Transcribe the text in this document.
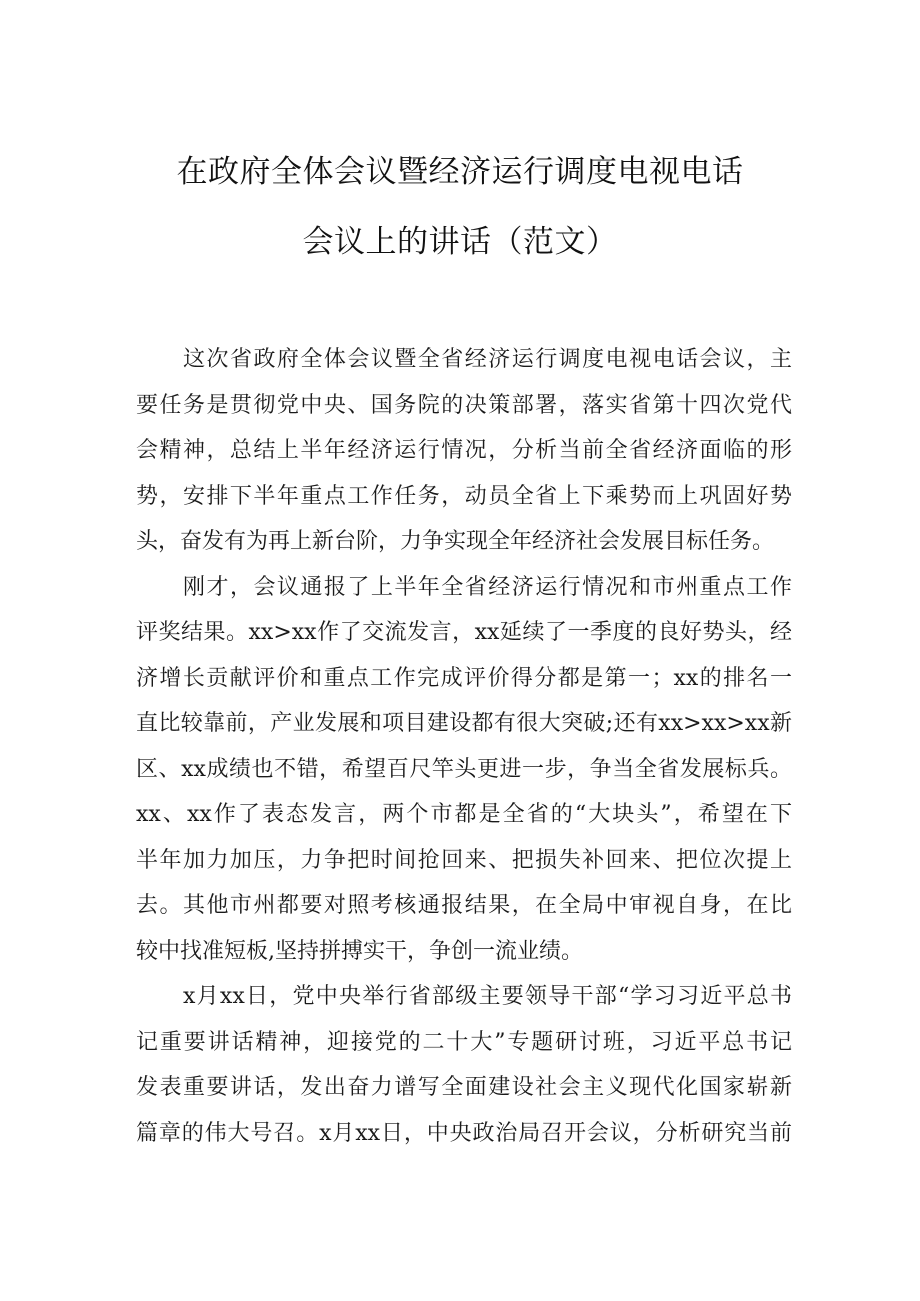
在政府全体会议暨经济运行调度电视电话
会议上的讲话（范文）
这次省政府全体会议暨全省经济运行调度电视电话会议，主
要任务是贯彻党中央、国务院的决策部署，落实省第十四次党代
会精神，总结上半年经济运行情况，分析当前全省经济面临的形
势，安排下半年重点工作任务，动员全省上下乘势而上巩固好势
头，奋发有为再上新台阶，力争实现全年经济社会发展目标任务。
刚才，会议通报了上半年全省经济运行情况和市州重点工作
评奖结果。xx>xx作了交流发言，xx延续了一季度的良好势头，经
济增长贡献评价和重点工作完成评价得分都是第一；xx的排名一
直比较靠前，产业发展和项目建设都有很大突破;还有xx>xx>xx新
区、xx成绩也不错，希望百尺竿头更进一步，争当全省发展标兵。
xx、xx作了表态发言，两个市都是全省的“大块头”，希望在下
半年加力加压，力争把时间抢回来、把损失补回来、把位次提上
去。其他市州都要对照考核通报结果，在全局中审视自身，在比
较中找准短板,坚持拼搏实干，争创一流业绩。
x月xx日，党中央举行省部级主要领导干部“学习习近平总书
记重要讲话精神，迎接党的二十大”专题研讨班，习近平总书记
发表重要讲话，发出奋力谱写全面建设社会主义现代化国家崭新
篇章的伟大号召。x月xx日，中央政治局召开会议，分析研究当前
